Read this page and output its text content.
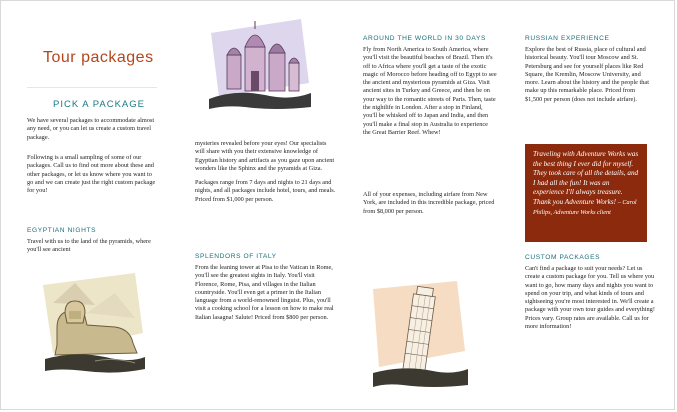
Tour packages
PICK A PACKAGE

We have several packages to accommodate almost any need, or you can let us create a custom travel package.

Following is a small sampling of some of our packages. Call us to find out more about these and other packages, or let us know where you want to go and we can create just the right custom package for you!

EGYPTIAN NIGHTS

Travel with us to the land of the pyramids, where you'll see ancient

mysteries revealed before your eyes! Our specialists will share with you their extensive knowledge of Egyptian history and artifacts as you gaze upon ancient wonders like the Sphinx and the pyramids at Giza.

Packages range from 7 days and nights to 21 days and nights, and all packages include hotel, tours, and meals. Priced from $1,000 per person.

SPLENDORS OF ITALY

From the leaning tower at Pisa to the Vatican in Rome, you'll see the greatest sights in Italy. You'll visit Florence, Rome, Pisa, and villages in the Italian countryside. You'll even get a primer in the Italian language from a world-renowned linguist. Plus, you'll visit a cooking school for a lesson on how to make real Italian lasagna! Salute! Priced from $800 per person.

AROUND THE WORLD IN 30 DAYS

Fly from North America to South America, where you'll visit the beautiful beaches of Brazil. Then it's off to Africa where you'll get a taste of the exotic magic of Morocco before heading off to Egypt to see the ancient and mysterious pyramids at Giza. Visit ancient sites in Turkey and Greece, and then be on your way to the romantic streets of Paris. Then, taste the nightlife in London. After a stop in Finland, you'll be whisked off to Japan and India, and then you'll make a final stop in Australia to experience the Great Barrier Reef. Whew!

All of your expenses, including airfare from New York, are included in this incredible package, priced from $8,000 per person.

RUSSIAN EXPERIENCE

Explore the best of Russia, place of cultural and historical beauty. You'll tour Moscow and St. Petersburg and see for yourself places like Red Square, the Kremlin, Moscow University, and more. Learn about the history and the people that make up this remarkable place. Priced from $1,500 per person (does not include airfare).

Traveling with Adventure Works was the best thing I ever did for myself. They took care of all the details, and I had all the fun! It was an experience I'll always treasure. Thank you Adventure Works! – Carol Philips, Adventure Works client
CUSTOM PACKAGES

Can't find a package to suit your needs? Let us create a custom package for you. Tell us where you want to go, how many days and nights you want to spend on your trip, and what kinds of tours and sightseeing you're most interested in. We'll create a package with your own tour guides and everything! Prices vary. Group rates are available. Call us for more information!
